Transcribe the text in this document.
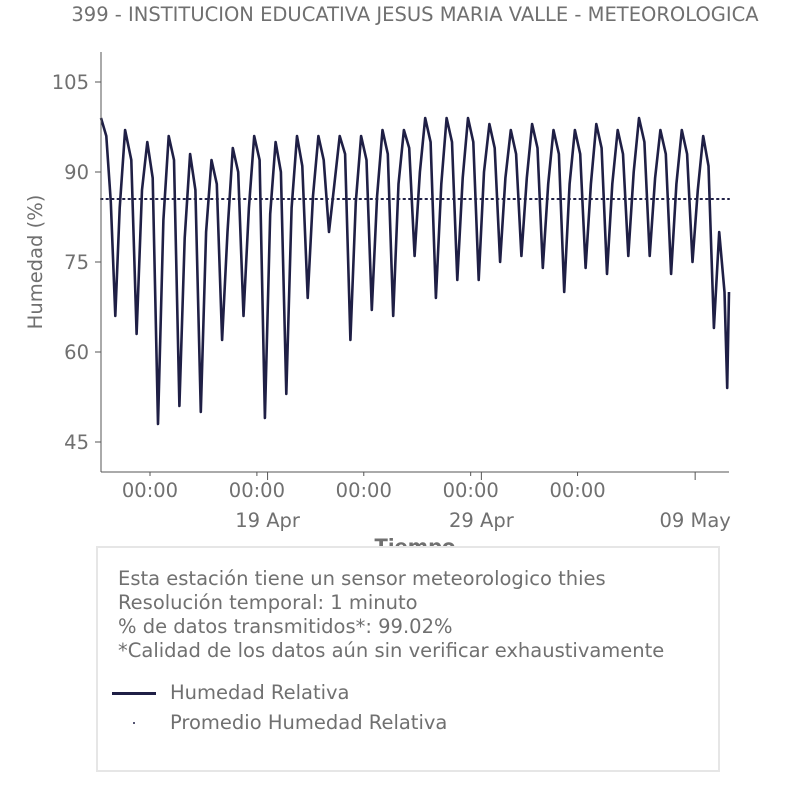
399 - INSTITUCION EDUCATIVA JESUS MARIA VALLE - METEOROLOGICA
45
60
75
90
105
00:00	00:00	00:00	00:00	00:00
19 Apr	29 Apr	09 May
Humedad (%)
Esta estación tiene un sensor meteorologico thies
Resolución temporal: 1 minuto
% de datos transmitidos*: 99.02%
*Calidad de los datos aún sin verificar exhaustivamente
Humedad Relativa
Promedio Humedad Relativa
